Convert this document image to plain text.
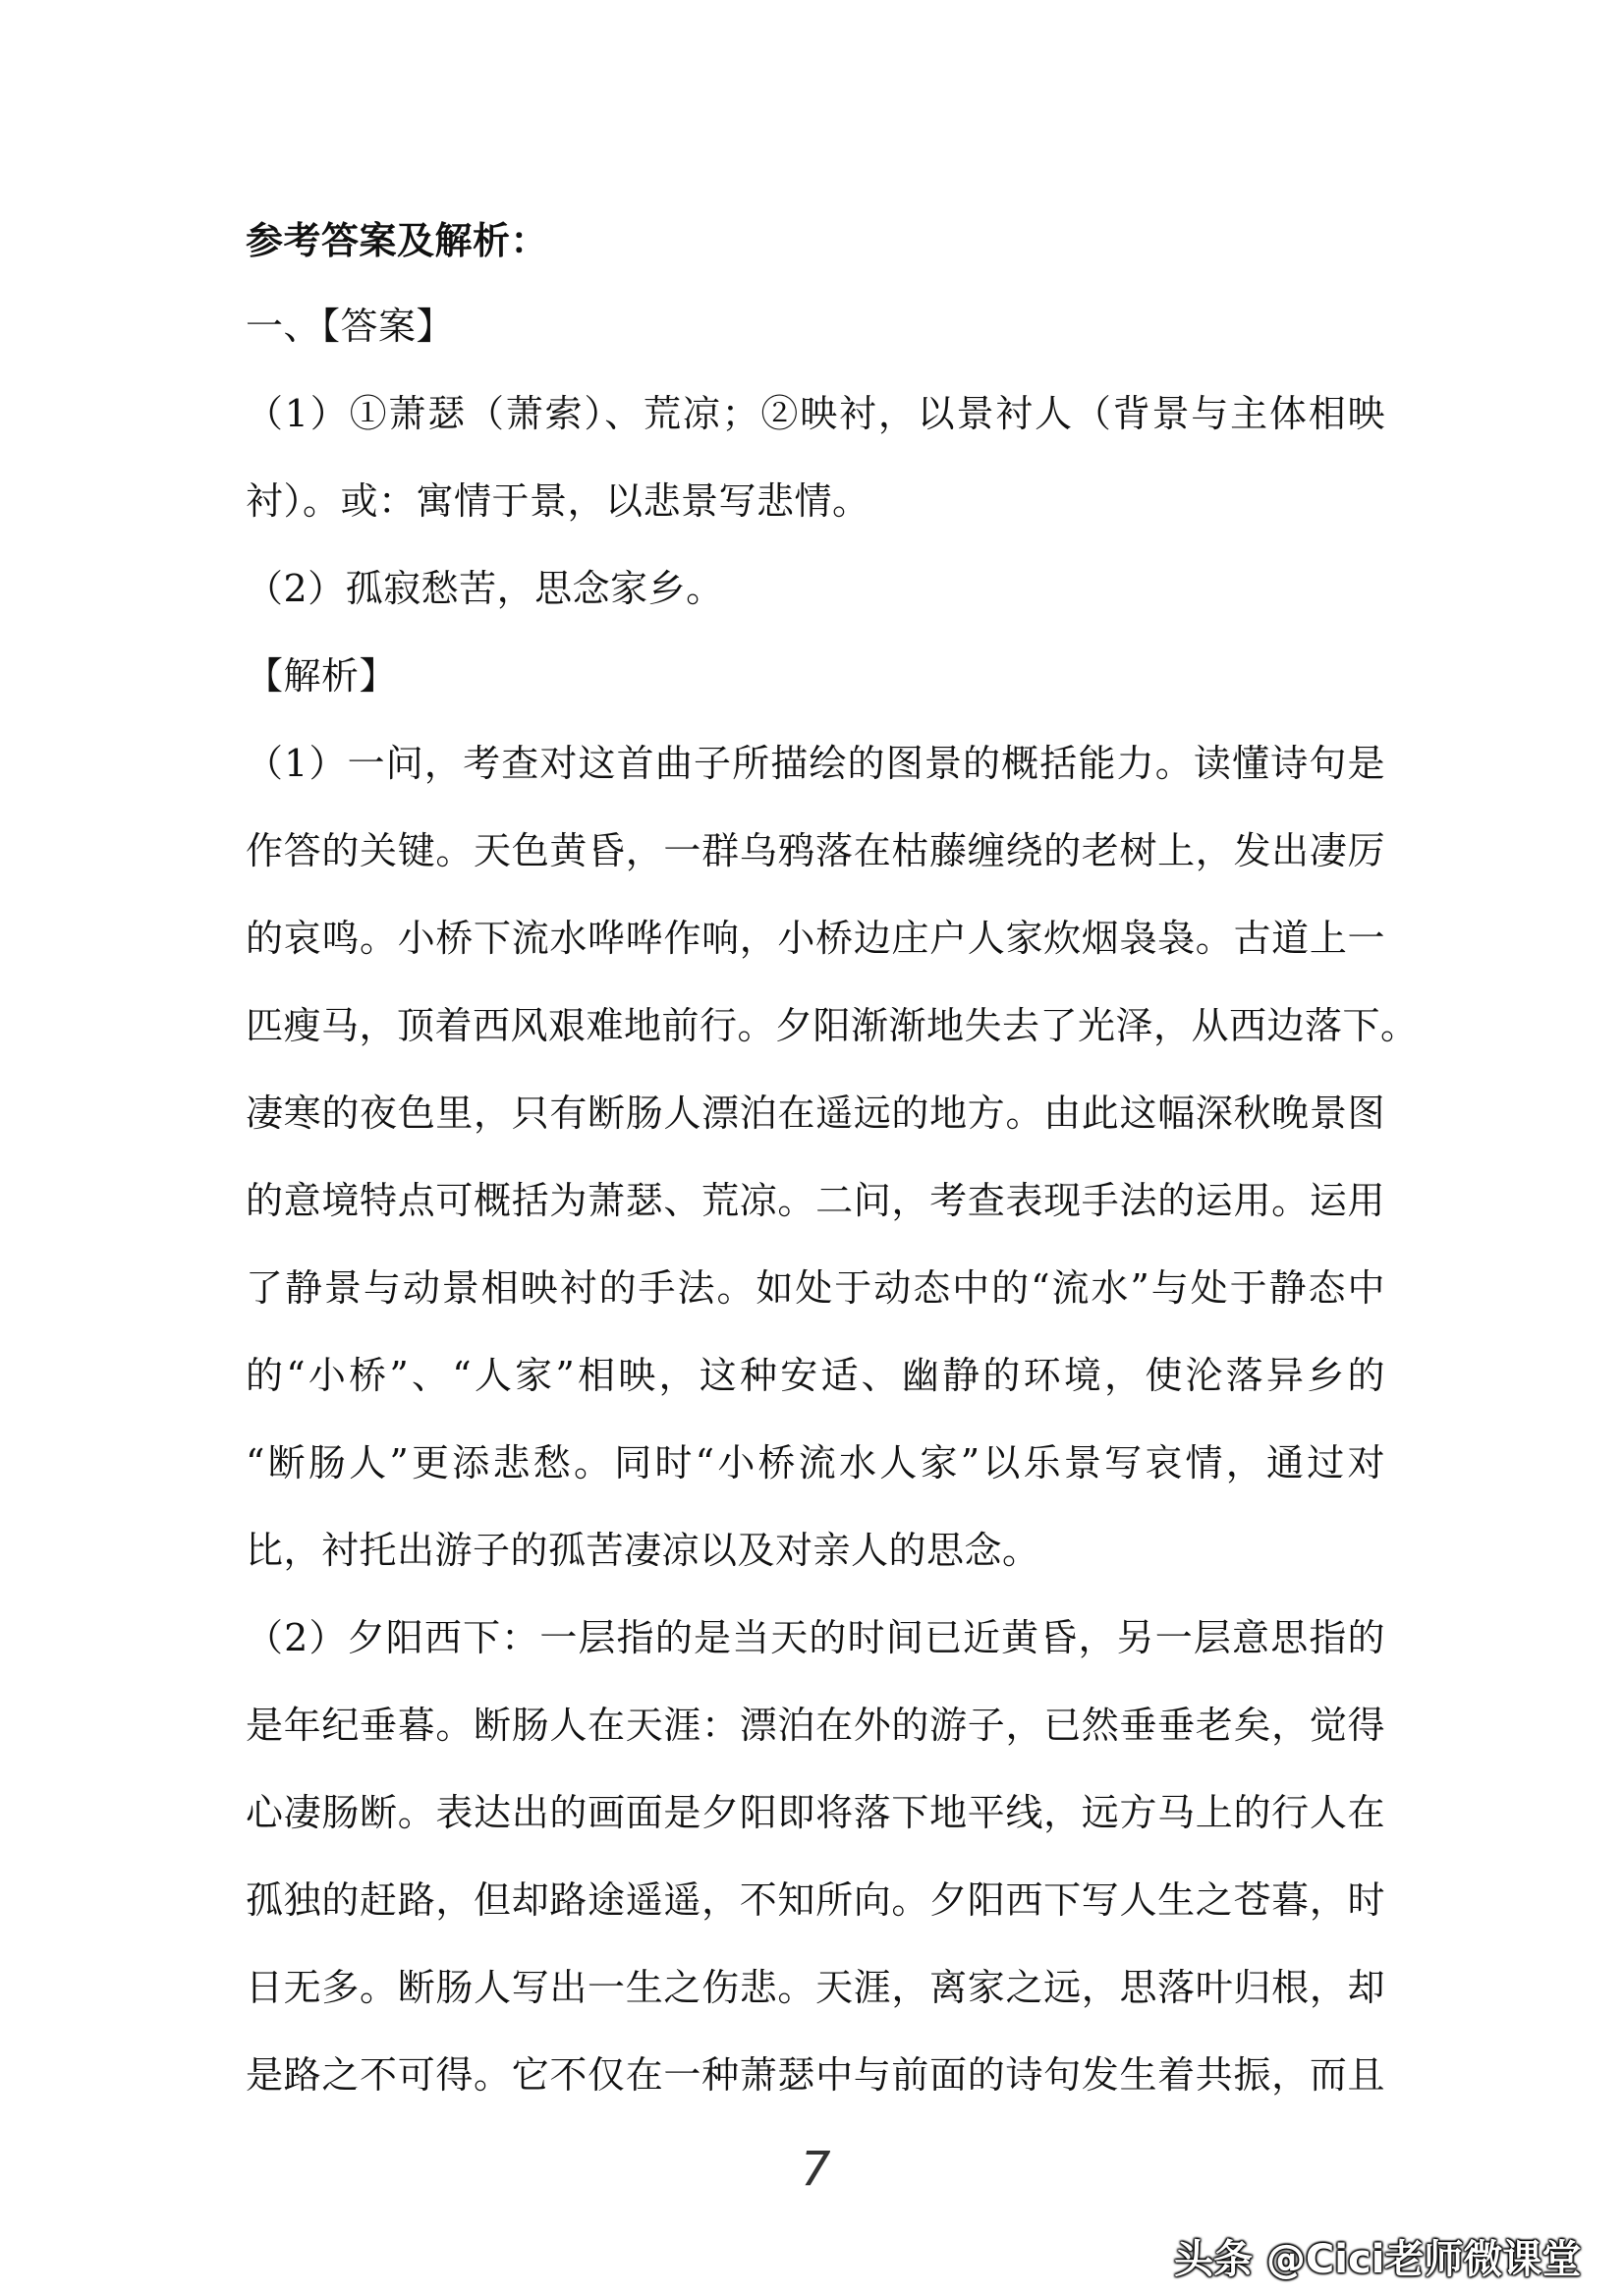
参考答案及解析：
一、【答案】
（1）①萧瑟（萧索）、荒凉；②映衬，以景衬人（背景与主体相映
衬）。或：寓情于景，以悲景写悲情。
（2）孤寂愁苦，思念家乡。
【解析】
（1）一问，考查对这首曲子所描绘的图景的概括能力。读懂诗句是
作答的关键。天色黄昏，一群乌鸦落在枯藤缠绕的老树上，发出凄厉
的哀鸣。小桥下流水哗哗作响，小桥边庄户人家炊烟袅袅。古道上一
匹瘦马，顶着西风艰难地前行。夕阳渐渐地失去了光泽，从西边落下。
凄寒的夜色里，只有断肠人漂泊在遥远的地方。由此这幅深秋晚景图
的意境特点可概括为萧瑟、荒凉。二问，考查表现手法的运用。运用
了静景与动景相映衬的手法。如处于动态中的“流水”与处于静态中
的“小桥”、“人家”相映，这种安适、幽静的环境，使沦落异乡的
“断肠人”更添悲愁。同时“小桥流水人家”以乐景写哀情，通过对
比，衬托出游子的孤苦凄凉以及对亲人的思念。
（2）夕阳西下：一层指的是当天的时间已近黄昏，另一层意思指的
是年纪垂暮。断肠人在天涯：漂泊在外的游子，已然垂垂老矣，觉得
心凄肠断。表达出的画面是夕阳即将落下地平线，远方马上的行人在
孤独的赶路，但却路途遥遥，不知所向。夕阳西下写人生之苍暮，时
日无多。断肠人写出一生之伤悲。天涯，离家之远，思落叶归根，却
是路之不可得。它不仅在一种萧瑟中与前面的诗句发生着共振，而且
7
头条 @Cici老师微课堂
